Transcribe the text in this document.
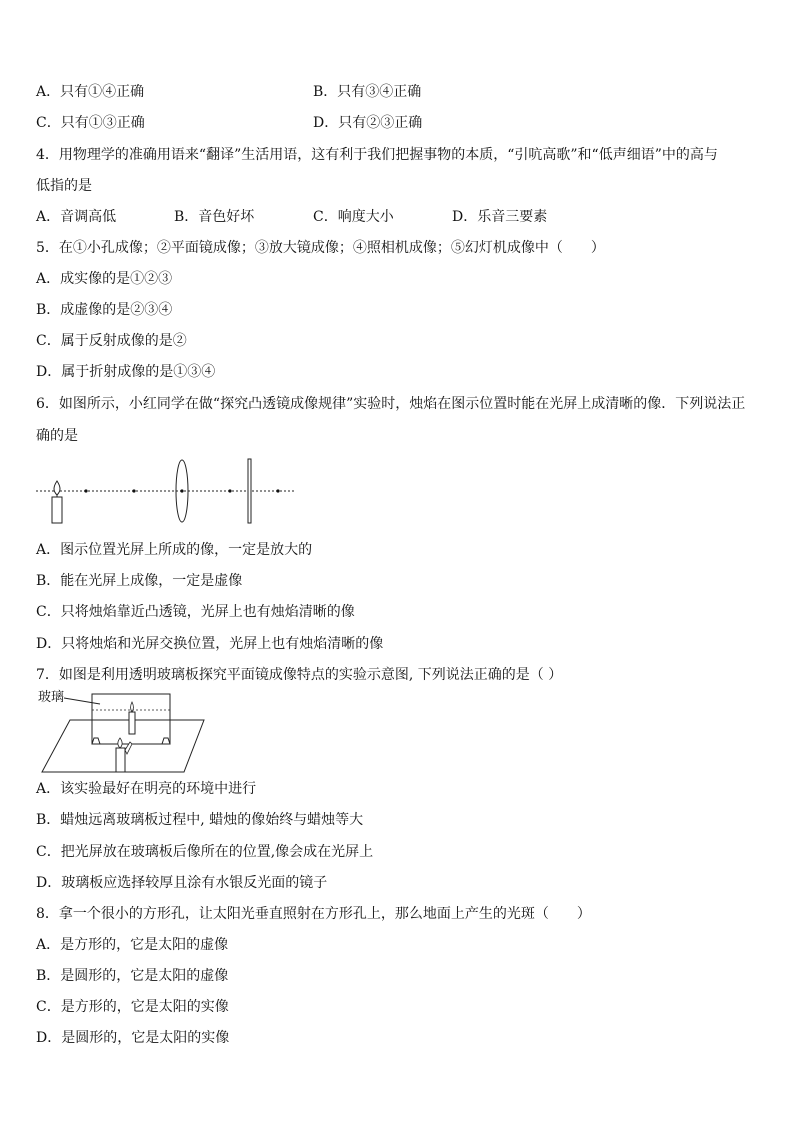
A．只有①④正确	B．只有③④正确
C．只有①③正确	D．只有②③正确
4．用物理学的准确用语来“翻译”生活用语，这有利于我们把握事物的本质，“引吭高歌”和“低声细语”中的高与
低指的是
A．音调高低	B．音色好坏	C．响度大小	D．乐音三要素
5．在①小孔成像；②平面镜成像；③放大镜成像；④照相机成像；⑤幻灯机成像中（　　）
A．成实像的是①②③
B．成虚像的是②③④
C．属于反射成像的是②
D．属于折射成像的是①③④
6．如图所示，小红同学在做“探究凸透镜成像规律”实验时，烛焰在图示位置时能在光屏上成清晰的像．下列说法正
确的是
A．图示位置光屏上所成的像，一定是放大的
B．能在光屏上成像，一定是虚像
C．只将烛焰靠近凸透镜，光屏上也有烛焰清晰的像
D．只将烛焰和光屏交换位置，光屏上也有烛焰清晰的像
7．如图是利用透明玻璃板探究平面镜成像特点的实验示意图, 下列说法正确的是（ ）
玻璃
A．该实验最好在明亮的环境中进行
B．蜡烛远离玻璃板过程中, 蜡烛的像始终与蜡烛等大
C．把光屏放在玻璃板后像所在的位置,像会成在光屏上
D．玻璃板应选择较厚且涂有水银反光面的镜子
8．拿一个很小的方形孔，让太阳光垂直照射在方形孔上，那么地面上产生的光斑（　　）
A．是方形的，它是太阳的虚像
B．是圆形的，它是太阳的虚像
C．是方形的，它是太阳的实像
D．是圆形的，它是太阳的实像
